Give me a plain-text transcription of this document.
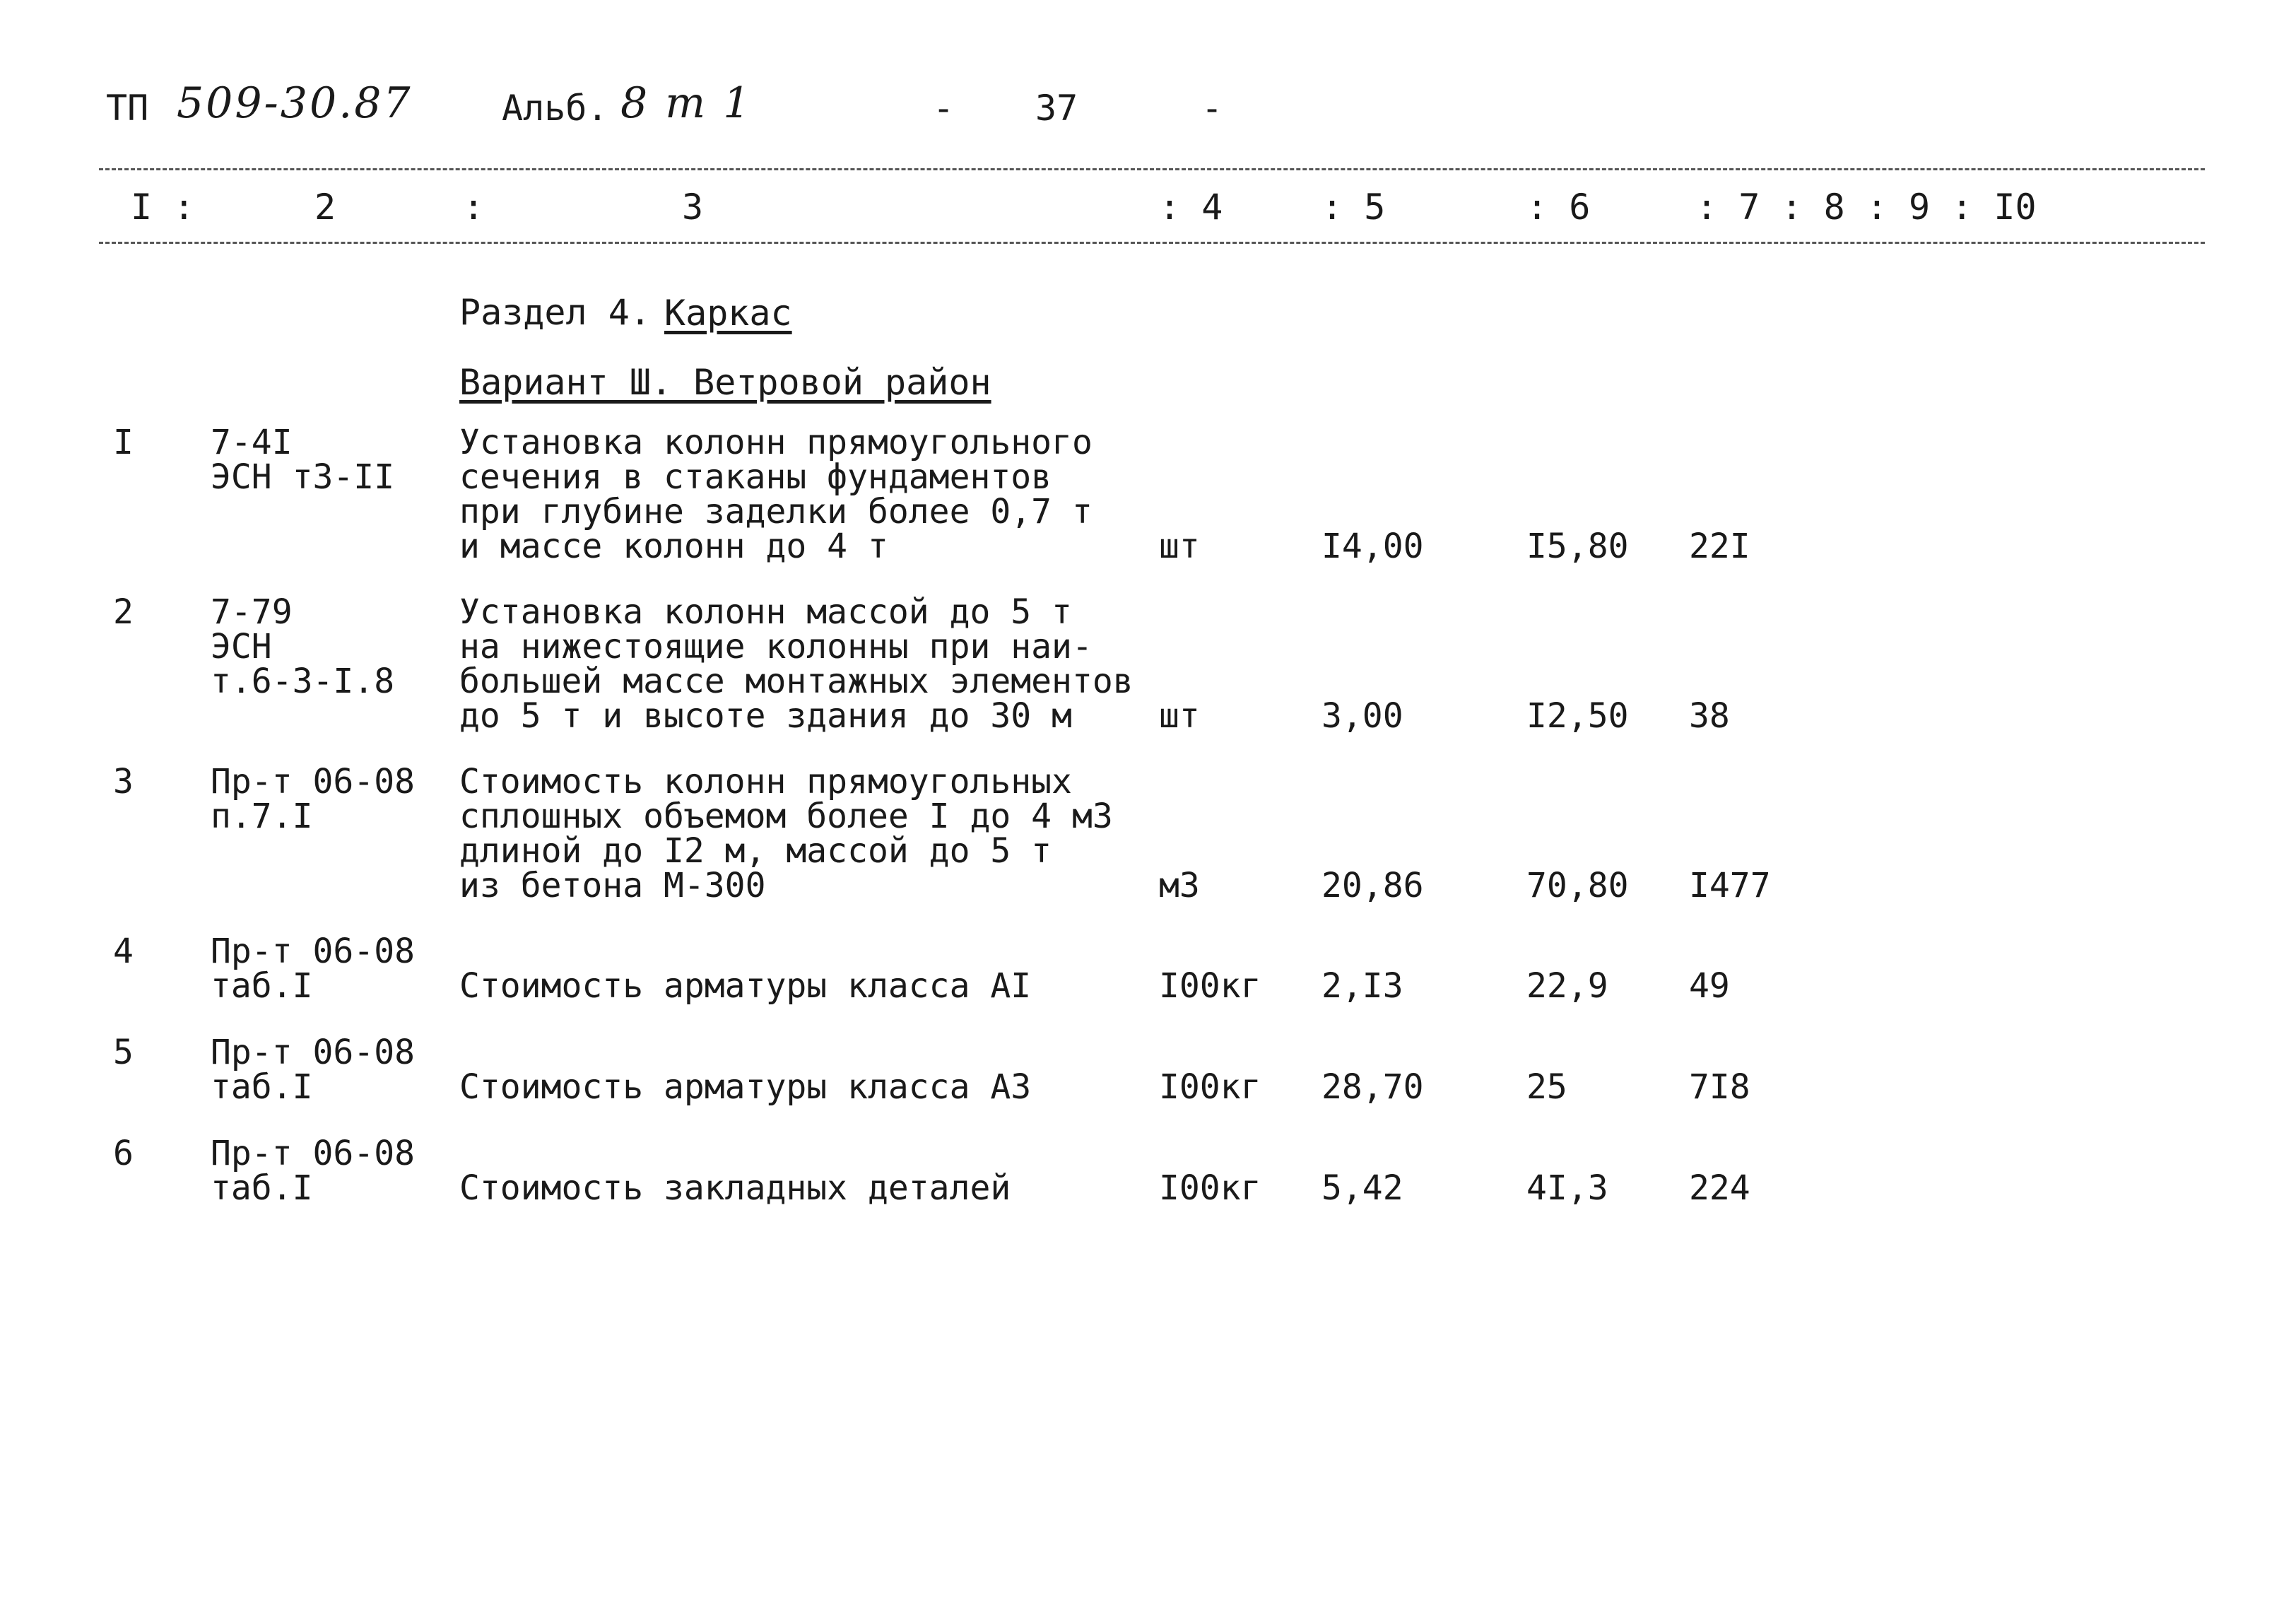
ТП 509-30.87	Альб. 8 т 1	- 37	-
I :	2	:	3	: 4	: 5	: 6	: 7 : 8 : 9 : I0
Раздел 4.
Каркас
Вариант Ш. Ветровой район
I 7-4I
ЭСН т3-II
Установка колонн прямоугольного
сечения в стаканы фундаментов
при глубине заделки более 0,7 т
и массе колонн до 4 т	шт	I4,00	I5,80 22I
2 7-79
ЭСН
т.6-3-I.8
Установка колонн массой до 5 т
на нижестоящие колонны при наи-
большей массе монтажных элементов
до 5 т и высоте здания до 30 м	шт	3,00	I2,50 38
3 Пр-т 06-08
п.7.I
Стоимость колонн прямоугольных
сплошных объемом более I до 4 м3
длиной до I2 м, массой до 5 т
из бетона М-300	м3	20,86	70,80 I477
4 Пр-т 06-08
таб.I	Стоимость арматуры класса АI	I00кг 2,I3	22,9 49
5 Пр-т 06-08
таб.I	Стоимость арматуры класса А3	I00кг 28,70	25	7I8
6 Пр-т 06-08
таб.I	Стоимость закладных деталей	I00кг 5,42	4I,3 224
